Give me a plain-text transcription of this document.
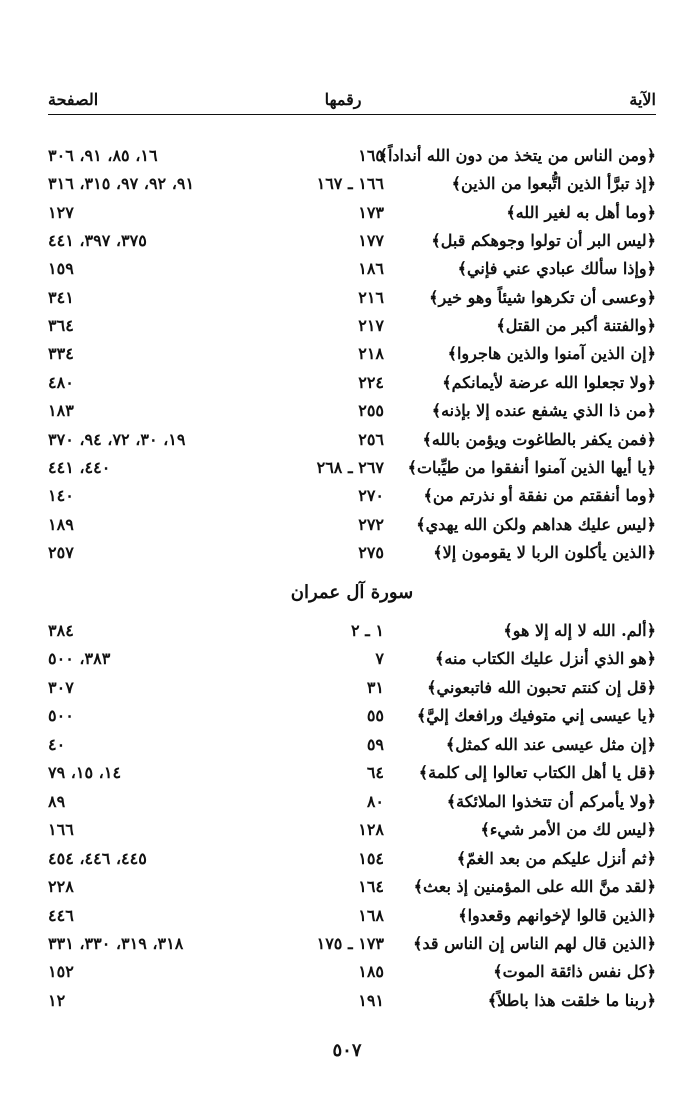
الآية
رقمها
الصفحة
﴿ومن الناس من يتخذ من دون الله أنداداً﴾
١٦٥
١٦، ٨٥، ٩١، ٣٠٦
﴿إذ تبرَّأ الذين اتُّبعوا من الذين﴾
١٦٦ ـ ١٦٧
٩١، ٩٢، ٩٧، ٣١٥، ٣١٦
﴿وما أهل به لغير الله﴾
١٧٣
١٢٧
﴿ليس البر أن تولوا وجوهكم قبل﴾
١٧٧
٣٧٥، ٣٩٧، ٤٤١
﴿وإذا سألك عبادي عني فإني﴾
١٨٦
١٥٩
﴿وعسى أن تكرهوا شيئاً وهو خير﴾
٢١٦
٣٤١
﴿والفتنة أكبر من القتل﴾
٢١٧
٣٦٤
﴿إن الذين آمنوا والذين هاجروا﴾
٢١٨
٣٣٤
﴿ولا تجعلوا الله عرضة لأيمانكم﴾
٢٢٤
٤٨٠
﴿من ذا الذي يشفع عنده إلا بإذنه﴾
٢٥٥
١٨٣
﴿فمن يكفر بالطاغوت ويؤمن بالله﴾
٢٥٦
١٩، ٣٠، ٧٢، ٩٤، ٣٧٠
﴿يا أيها الذين آمنوا أنفقوا من طيِّبات﴾
٢٦٧ ـ ٢٦٨
٤٤٠، ٤٤١
﴿وما أنفقتم من نفقة أو نذرتم من﴾
٢٧٠
١٤٠
﴿ليس عليك هداهم ولكن الله يهدي﴾
٢٧٢
١٨٩
﴿الذين يأكلون الربا لا يقومون إلا﴾
٢٧٥
٢٥٧
سورة آل عمران
﴿ألم. الله لا إله إلا هو﴾
١ ـ ٢
٣٨٤
﴿هو الذي أنزل عليك الكتاب منه﴾
٧
٣٨٣، ٥٠٠
﴿قل إن كنتم تحبون الله فاتبعوني﴾
٣١
٣٠٧
﴿يا عيسى إني متوفيك ورافعك إليَّ﴾
٥٥
٥٠٠
﴿إن مثل عيسى عند الله كمثل﴾
٥٩
٤٠
﴿قل يا أهل الكتاب تعالوا إلى كلمة﴾
٦٤
١٤، ١٥، ٧٩
﴿ولا يأمركم أن تتخذوا الملائكة﴾
٨٠
٨٩
﴿ليس لك من الأمر شيء﴾
١٢٨
١٦٦
﴿ثم أنزل عليكم من بعد الغمّ﴾
١٥٤
٤٤٥، ٤٤٦، ٤٥٤
﴿لقد منَّ الله على المؤمنين إذ بعث﴾
١٦٤
٢٢٨
﴿الذين قالوا لإخوانهم وقعدوا﴾
١٦٨
٤٤٦
﴿الذين قال لهم الناس إن الناس قد﴾
١٧٣ ـ ١٧٥
٣١٨، ٣١٩، ٣٣٠، ٣٣١
﴿كل نفس ذائقة الموت﴾
١٨٥
١٥٢
﴿ربنا ما خلقت هذا باطلاً﴾
١٩١
١٢
٥٠٧
